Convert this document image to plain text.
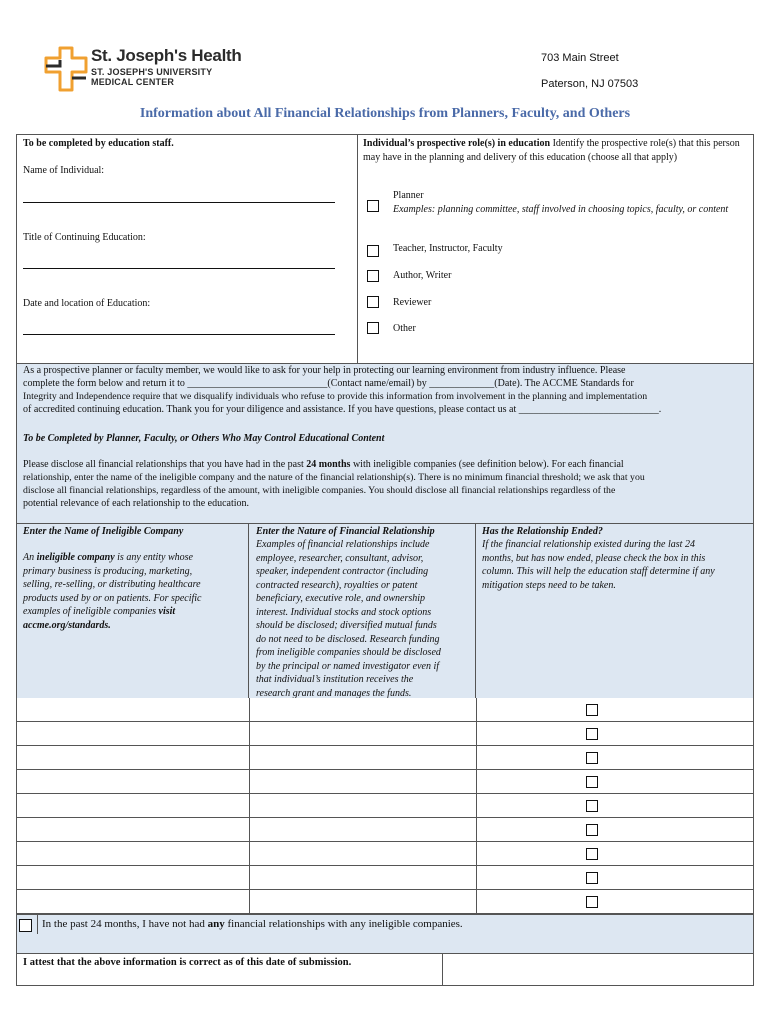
St. Joseph's Health
ST. JOSEPH'S UNIVERSITY
MEDICAL CENTER
703 Main Street
Paterson, NJ 07503
Information about All Financial Relationships from Planners, Faculty, and Others
To be completed by education staff.
Name of Individual:
Title of Continuing Education:
Date and location of Education:
Individual’s prospective role(s) in education Identify the prospective role(s) that this person may have in the planning and delivery of this education (choose all that apply)
Planner
Examples: planning committee, staff involved in choosing topics, faculty, or content
Teacher, Instructor, Faculty
Author, Writer
Reviewer
Other
As a prospective planner or faculty member, we would like to ask for your help in protecting our learning environment from industry influence. Please
complete the form below and return it to ____________________________(Contact name/email) by _____________(Date). The ACCME Standards for
Integrity and Independence require that we disqualify individuals who refuse to provide this information from involvement in the planning and implementation
of accredited continuing education. Thank you for your diligence and assistance. If you have questions, please contact us at ____________________________.
To be Completed by Planner, Faculty, or Others Who May Control Educational Content
Please disclose all financial relationships that you have had in the past 24 months with ineligible companies (see definition below). For each financial
relationship, enter the name of the ineligible company and the nature of the financial relationship(s). There is no minimum financial threshold; we ask that you
disclose all financial relationships, regardless of the amount, with ineligible companies. You should disclose all financial relationships regardless of the
potential relevance of each relationship to the education.
Enter the Name of Ineligible Company
An ineligible company is any entity whose
primary business is producing, marketing,
selling, re-selling, or distributing healthcare
products used by or on patients. For specific
examples of ineligible companies visit
accme.org/standards.
Enter the Nature of Financial Relationship
Examples of financial relationships include
employee, researcher, consultant, advisor,
speaker, independent contractor (including
contracted research), royalties or patent
beneficiary, executive role, and ownership
interest. Individual stocks and stock options
should be disclosed; diversified mutual funds
do not need to be disclosed. Research funding
from ineligible companies should be disclosed
by the principal or named investigator even if
that individual’s institution receives the
research grant and manages the funds.
Has the Relationship Ended?
If the financial relationship existed during the last 24
months, but has now ended, please check the box in this
column. This will help the education staff determine if any
mitigation steps need to be taken.
In the past 24 months, I have not had any financial relationships with any ineligible companies.
I attest that the above information is correct as of this date of submission.
